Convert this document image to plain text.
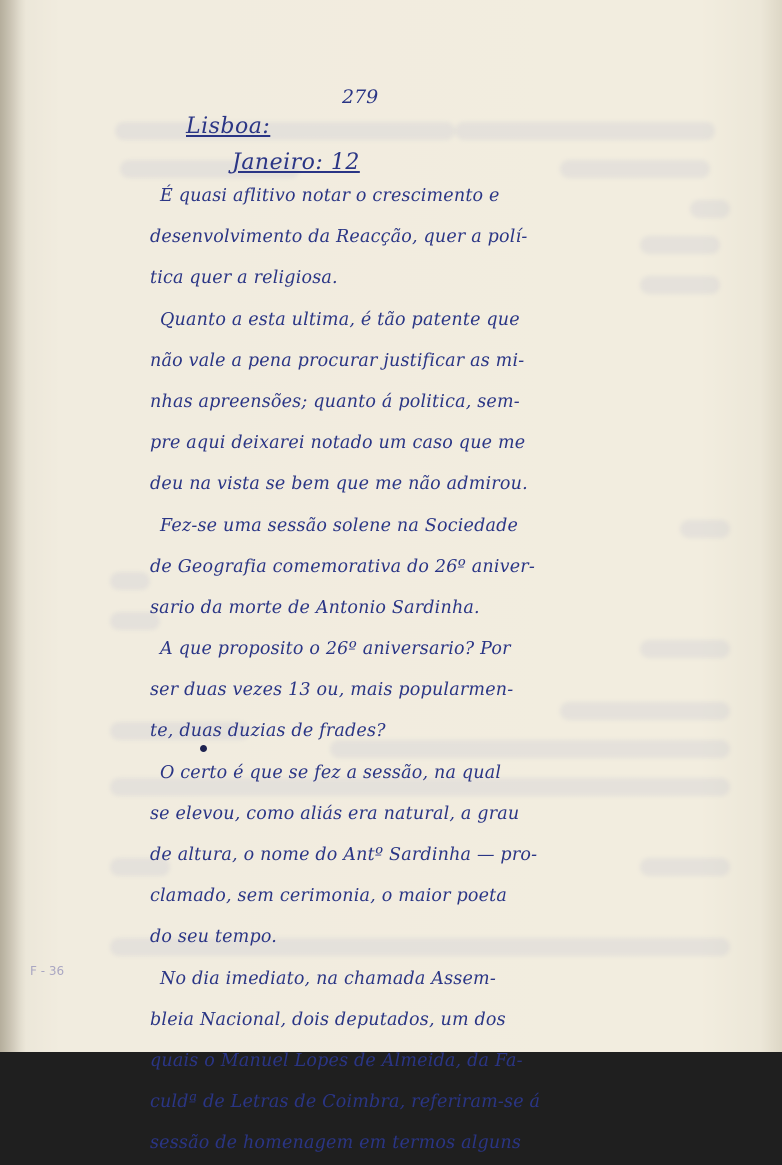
279
Lisboa:
Janeiro: 12
É quasi aflitivo notar o crescimento e
desenvolvimento da Reacção, quer a polí-
tica quer a religiosa.
Quanto a esta ultima, é tão patente que
não vale a pena procurar justificar as mi-
nhas apreensões; quanto á politica, sem-
pre aqui deixarei notado um caso que me
deu na vista se bem que me não admirou.
Fez-se uma sessão solene na Sociedade
de Geografia comemorativa do 26º aniver-
sario da morte de Antonio Sardinha.
A que proposito o 26º aniversario? Por
ser duas vezes 13 ou, mais popularmen-
te, duas duzias de frades?
O certo é que se fez a sessão, na qual
se elevou, como aliás era natural, a grau
de altura, o nome do Antº Sardinha — pro-
clamado, sem cerimonia, o maior poeta
do seu tempo.
No dia imediato, na chamada Assem-
bleia Nacional, dois deputados, um dos
quais o Manuel Lopes de Almeida, da Fa-
culdª de Letras de Coimbra, referiram-se á
sessão de homenagem em termos alguns
F - 36
